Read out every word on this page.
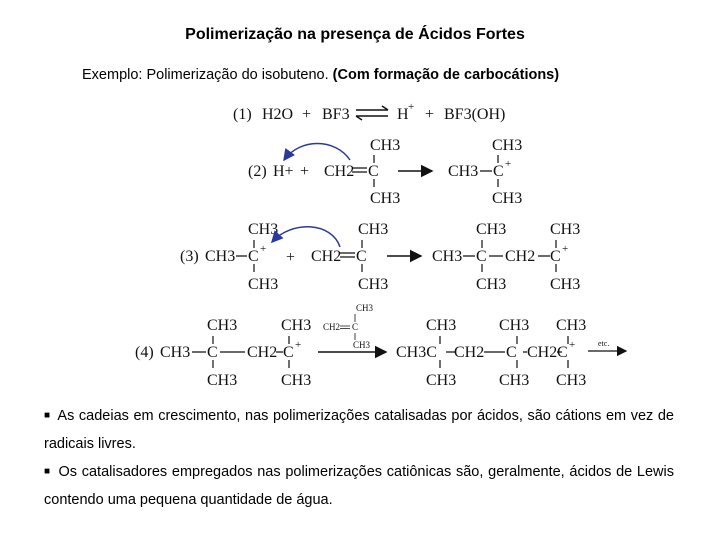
Polimerização na presença de Ácidos Fortes
Exemplo: Polimerização do isobuteno. (Com formação de carbocátions)
(1) H2O + BF3	H + + BF3(OH)
(2) H+ + CH2 C
CH3
CH3
CH3 C +
CH3
CH3
(3) CH3 C +
CH3
CH3
+ CH2 C
CH3
CH3
CH3 C
CH3
CH3
CH2 C +
CH3
CH3
(4) CH3 C
CH3
CH3
CH2 C +
CH3
CH3
CH2 C
CH3
CH3 CH3C
CH3
CH3
CH2 C
CH3
CH3
CH2 C +
CH3
CH3
etc.

■ As cadeias em crescimento, nas polimerizações catalisadas por ácidos, são cátions em vez de radicais livres.

■ Os catalisadores empregados nas polimerizações catiônicas são, geralmente, ácidos de Lewis contendo uma pequena quantidade de água.
